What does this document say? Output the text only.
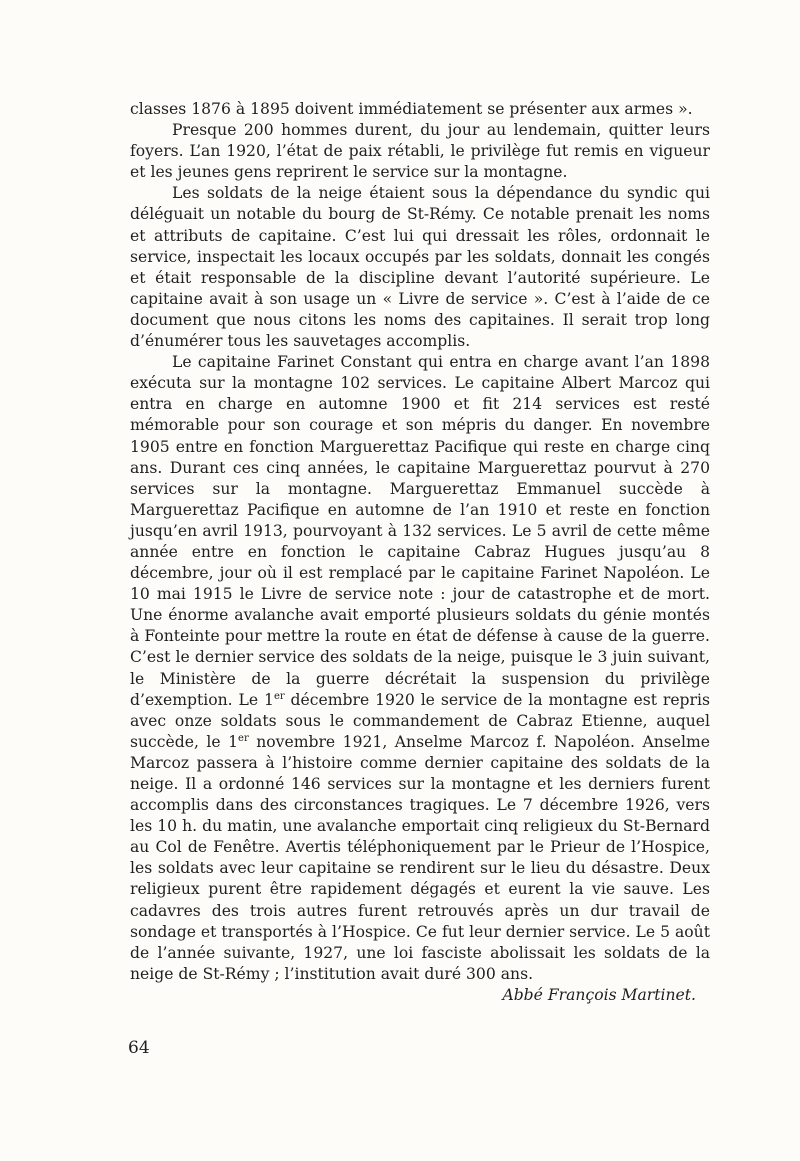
classes 1876 à 1895 doivent immédiatement se présenter aux armes ».

Presque 200 hommes durent, du jour au lendemain, quitter leurs foyers. L’an 1920, l’état de paix rétabli, le privilège fut remis en vigueur et les jeunes gens reprirent le service sur la montagne.

Les soldats de la neige étaient sous la dépendance du syndic qui déléguait un notable du bourg de St-Rémy. Ce notable prenait les noms et attributs de capitaine. C’est lui qui dressait les rôles, ordonnait le service, inspectait les locaux occupés par les soldats, donnait les congés et était responsable de la discipline devant l’autorité supérieure. Le capitaine avait à son usage un « Livre de service ». C’est à l’aide de ce document que nous citons les noms des capitaines. Il serait trop long d’énumérer tous les sauvetages accomplis.

Le capitaine Farinet Constant qui entra en charge avant l’an 1898 exécuta sur la montagne 102 services. Le capitaine Albert Marcoz qui entra en charge en automne 1900 et fit 214 services est resté mémorable pour son courage et son mépris du danger. En novembre 1905 entre en fonction Marguerettaz Pacifique qui reste en charge cinq ans. Durant ces cinq années, le capitaine Marguerettaz pourvut à 270 services sur la montagne. Marguerettaz Emmanuel succède à Marguerettaz Pacifique en automne de l’an 1910 et reste en fonction jusqu’en avril 1913, pourvoyant à 132 services. Le 5 avril de cette même année entre en fonction le capitaine Cabraz Hugues jusqu’au 8 décembre, jour où il est remplacé par le capitaine Farinet Napoléon. Le 10 mai 1915 le Livre de service note : jour de catastrophe et de mort. Une énorme avalanche avait emporté plusieurs soldats du génie montés à Fonteinte pour mettre la route en état de défense à cause de la guerre. C’est le dernier service des soldats de la neige, puisque le 3 juin suivant, le Ministère de la guerre décrétait la suspension du privilège d’exemption. Le 1er décembre 1920 le service de la montagne est repris avec onze soldats sous le commandement de Cabraz Etienne, auquel succède, le 1er novembre 1921, Anselme Marcoz f. Napoléon. Anselme Marcoz passera à l’histoire comme dernier capitaine des soldats de la neige. Il a ordonné 146 services sur la montagne et les derniers furent accomplis dans des circonstances tragiques. Le 7 décembre 1926, vers les 10 h. du matin, une avalanche emportait cinq religieux du St-Bernard au Col de Fenêtre. Avertis téléphoniquement par le Prieur de l’Hospice, les soldats avec leur capitaine se rendirent sur le lieu du désastre. Deux religieux purent être rapidement dégagés et eurent la vie sauve. Les cadavres des trois autres furent retrouvés après un dur travail de sondage et transportés à l’Hospice. Ce fut leur dernier service. Le 5 août de l’année suivante, 1927, une loi fasciste abolissait les soldats de la neige de St-Rémy ; l’institution avait duré 300 ans.

Abbé François Martinet.

64
